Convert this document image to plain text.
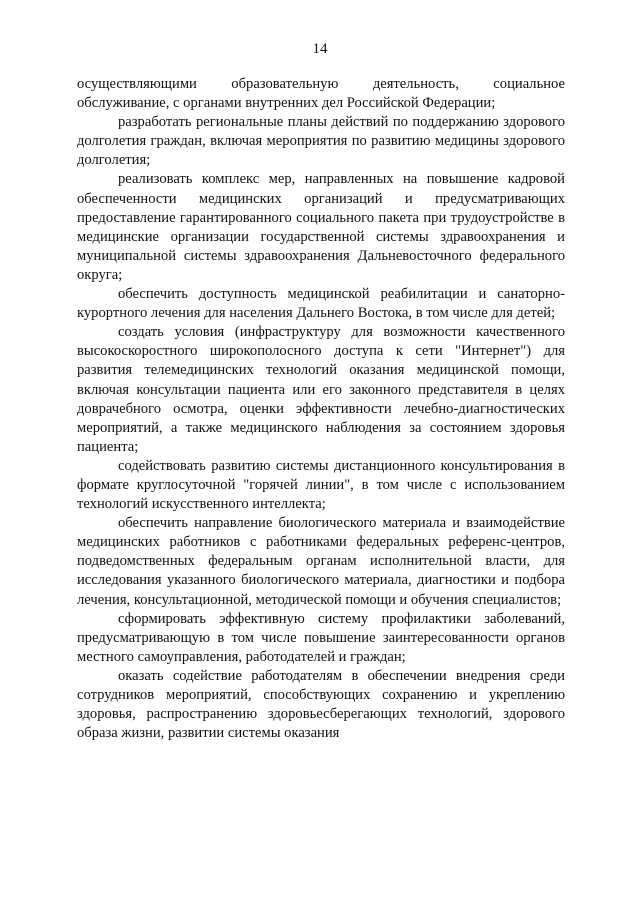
14

осуществляющими образовательную деятельность, социальное обслуживание, с органами внутренних дел Российской Федерации;

разработать региональные планы действий по поддержанию здорового долголетия граждан, включая мероприятия по развитию медицины здорового долголетия;

реализовать комплекс мер, направленных на повышение кадровой обеспеченности медицинских организаций и предусматривающих предоставление гарантированного социального пакета при трудоустройстве в медицинские организации государственной системы здравоохранения и муниципальной системы здравоохранения Дальневосточного федерального округа;

обеспечить доступность медицинской реабилитации и санаторно-курортного лечения для населения Дальнего Востока, в том числе для детей;

создать условия (инфраструктуру для возможности качественного высокоскоростного широкополосного доступа к сети "Интернет") для развития телемедицинских технологий оказания медицинской помощи, включая консультации пациента или его законного представителя в целях доврачебного осмотра, оценки эффективности лечебно-диагностических мероприятий, а также медицинского наблюдения за состоянием здоровья пациента;

содействовать развитию системы дистанционного консультирования в формате круглосуточной "горячей линии", в том числе с использованием технологий искусственного интеллекта;

обеспечить направление биологического материала и взаимодействие медицинских работников с работниками федеральных референс-центров, подведомственных федеральным органам исполнительной власти, для исследования указанного биологического материала, диагностики и подбора лечения, консультационной, методической помощи и обучения специалистов;

сформировать эффективную систему профилактики заболеваний, предусматривающую в том числе повышение заинтересованности органов местного самоуправления, работодателей и граждан;

оказать содействие работодателям в обеспечении внедрения среди сотрудников мероприятий, способствующих сохранению и укреплению здоровья, распространению здоровьесберегающих технологий, здорового образа жизни, развитии системы оказания
